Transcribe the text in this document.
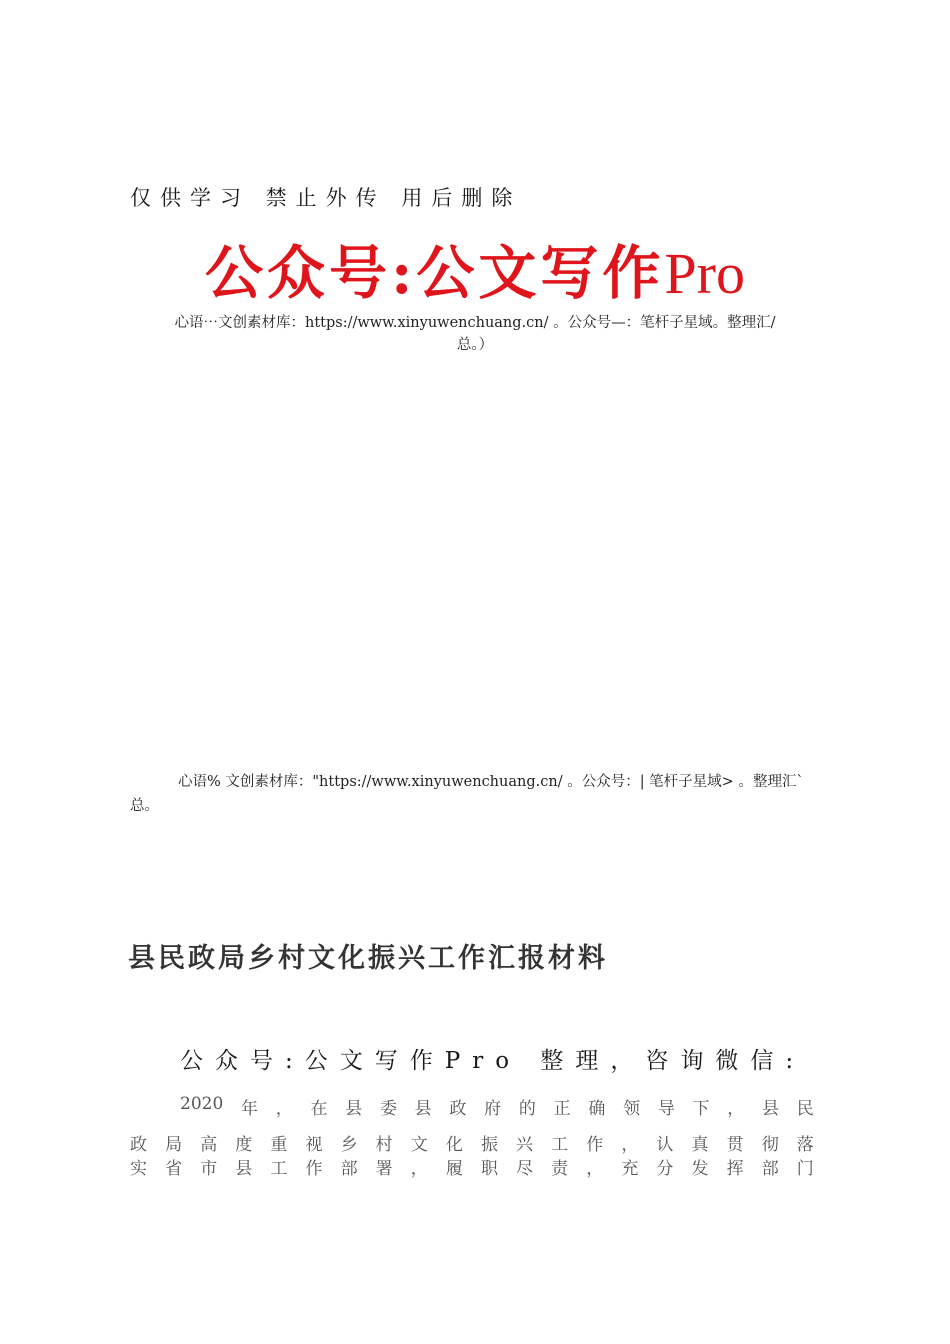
仅供学习 禁止外传 用后删除
公众号:公文写作Pro
心语⋯文创素材库：https://www.xinyuwenchuang.cn/ 。公众号—：笔杆子星域。整理汇/
总。）
心语% 文创素材库："https://www.xinyuwenchuang.cn/ 。公众号：| 笔杆子星域> 。整理汇` 总。
县民政局乡村文化振兴工作汇报材料
公众号:公文写作Pro 整理，咨询微信:
2020 年 ， 在 县 委 县 政 府 的 正 确 领 导 下 ， 县 民
政 局 高 度 重 视 乡 村 文 化 振 兴 工 作 ， 认 真 贯 彻 落
实 省 市 县 工 作 部 署 ， 履 职 尽 责 ， 充 分 发 挥 部 门
